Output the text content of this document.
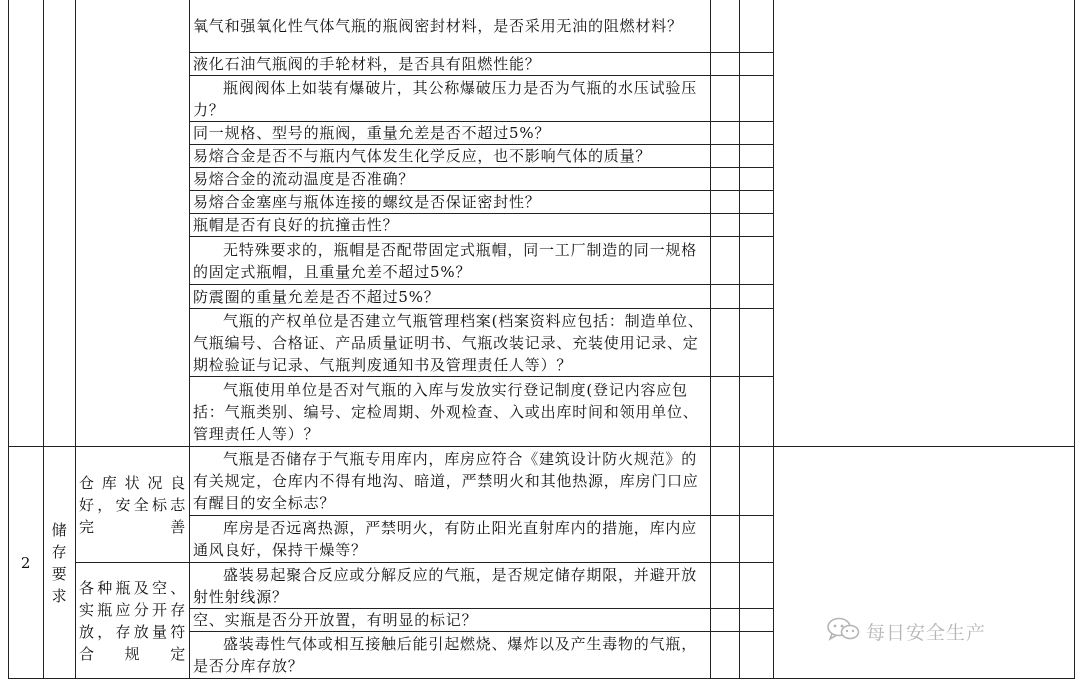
			氧气和强氧化性气体气瓶的瓶阀密封材料，是否采用无油的阻燃材料？			
			液化石油气瓶阀的手轮材料，是否具有阻燃性能？			
			瓶阀阀体上如装有爆破片，其公称爆破压力是否为气瓶的水压试验压力？			
			同一规格、型号的瓶阀，重量允差是否不超过5%？			
			易熔合金是否不与瓶内气体发生化学反应，也不影响气体的质量？			
			易熔合金的流动温度是否准确？			
			易熔合金塞座与瓶体连接的螺纹是否保证密封性？			
			瓶帽是否有良好的抗撞击性？			
			无特殊要求的，瓶帽是否配带固定式瓶帽，同一工厂制造的同一规格的固定式瓶帽，且重量允差不超过5%？			
			防震圈的重量允差是否不超过5%？			
			气瓶的产权单位是否建立气瓶管理档案(档案资料应包括：制造单位、气瓶编号、合格证、产品质量证明书、气瓶改装记录、充装使用记录、定期检验证与记录、气瓶判废通知书及管理责任人等）？			
			气瓶使用单位是否对气瓶的入库与发放实行登记制度(登记内容应包括：气瓶类别、编号、定检周期、外观检查、入或出库时间和领用单位、管理责任人等）？			
2	储存要求	仓库状况良好，安全标志完善	气瓶是否储存于气瓶专用库内，库房应符合《建筑设计防火规范》的有关规定，仓库内不得有地沟、暗道，严禁明火和其他热源，库房门口应有醒目的安全标志？			
			库房是否远离热源，严禁明火，有防止阳光直射库内的措施，库内应通风良好，保持干燥等？			
		各种瓶及空、实瓶应分开存放，存放量符合规定	盛装易起聚合反应或分解反应的气瓶，是否规定储存期限，并避开放射性射线源？			
			空、实瓶是否分开放置，有明显的标记？			
			盛装毒性气体或相互接触后能引起燃烧、爆炸以及产生毒物的气瓶，是否分库存放？			
每日安全生产
